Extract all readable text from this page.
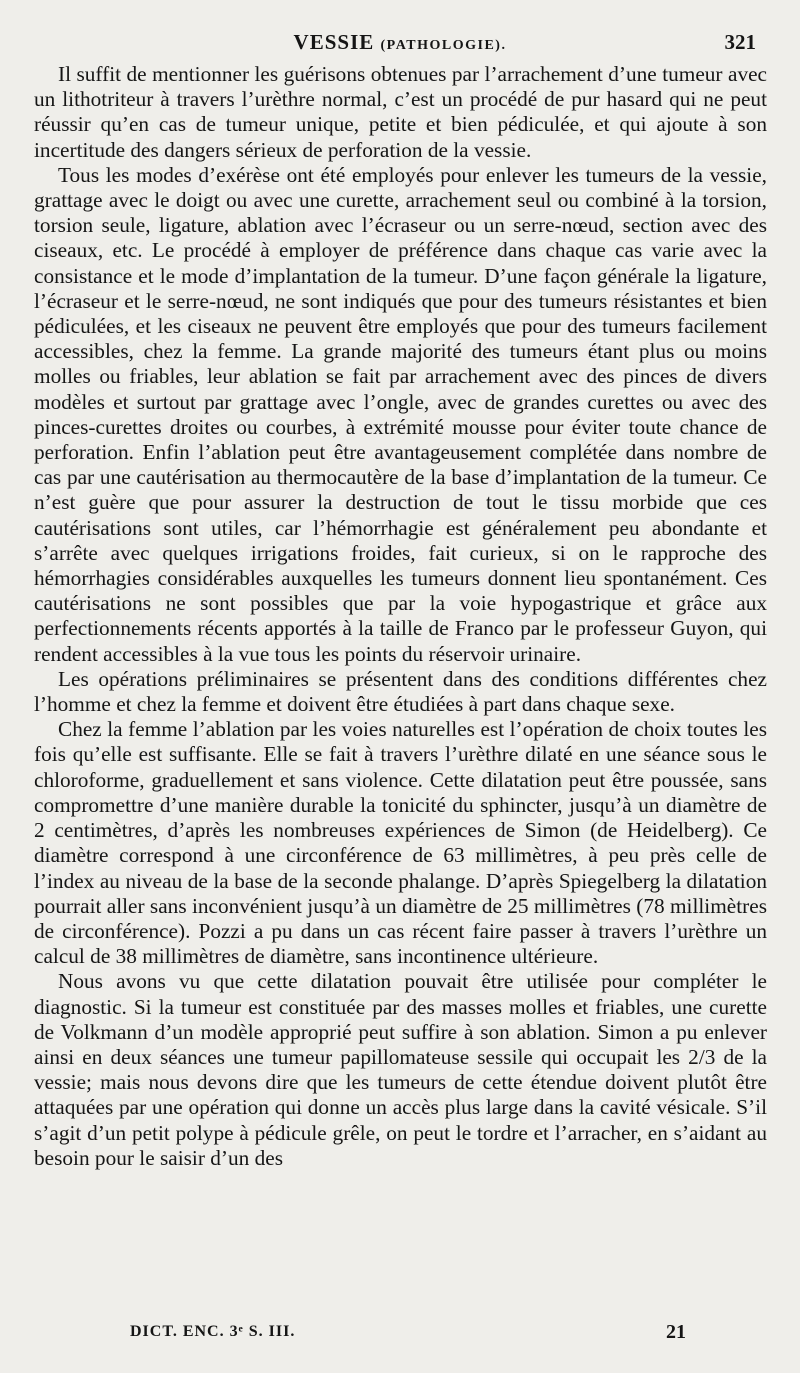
VESSIE (PATHOLOGIE).	321

Il suffit de mentionner les guérisons obtenues par l’arrachement d’une tumeur avec un lithotriteur à travers l’urèthre normal, c’est un procédé de pur hasard qui ne peut réussir qu’en cas de tumeur unique, petite et bien pédiculée, et qui ajoute à son incertitude des dangers sérieux de perforation de la vessie.

Tous les modes d’exérèse ont été employés pour enlever les tumeurs de la vessie, grattage avec le doigt ou avec une curette, arrachement seul ou combiné à la torsion, torsion seule, ligature, ablation avec l’écraseur ou un serre-nœud, section avec des ciseaux, etc. Le procédé à employer de préférence dans chaque cas varie avec la consistance et le mode d’implantation de la tumeur. D’une façon générale la ligature, l’écraseur et le serre-nœud, ne sont indiqués que pour des tumeurs résistantes et bien pédiculées, et les ciseaux ne peuvent être employés que pour des tumeurs facilement accessibles, chez la femme. La grande majorité des tumeurs étant plus ou moins molles ou friables, leur ablation se fait par arrachement avec des pinces de divers modèles et surtout par grattage avec l’ongle, avec de grandes curettes ou avec des pinces-curettes droites ou courbes, à extrémité mousse pour éviter toute chance de perforation. Enfin l’ablation peut être avantageusement complétée dans nombre de cas par une cautérisation au thermocautère de la base d’implantation de la tumeur. Ce n’est guère que pour assurer la destruction de tout le tissu morbide que ces cautérisations sont utiles, car l’hémorrhagie est généralement peu abondante et s’arrête avec quelques irrigations froides, fait curieux, si on le rapproche des hémorrhagies considérables auxquelles les tumeurs donnent lieu spontanément. Ces cautérisations ne sont possibles que par la voie hypogastrique et grâce aux perfectionnements récents apportés à la taille de Franco par le professeur Guyon, qui rendent accessibles à la vue tous les points du réservoir urinaire.

Les opérations préliminaires se présentent dans des conditions différentes chez l’homme et chez la femme et doivent être étudiées à part dans chaque sexe.

Chez la femme l’ablation par les voies naturelles est l’opération de choix toutes les fois qu’elle est suffisante. Elle se fait à travers l’urèthre dilaté en une séance sous le chloroforme, graduellement et sans violence. Cette dilatation peut être poussée, sans compromettre d’une manière durable la tonicité du sphincter, jusqu’à un diamètre de 2 centimètres, d’après les nombreuses expériences de Simon (de Heidelberg). Ce diamètre correspond à une circonférence de 63 millimètres, à peu près celle de l’index au niveau de la base de la seconde phalange. D’après Spiegelberg la dilatation pourrait aller sans inconvénient jusqu’à un diamètre de 25 millimètres (78 millimètres de circonférence). Pozzi a pu dans un cas récent faire passer à travers l’urèthre un calcul de 38 millimètres de diamètre, sans incontinence ultérieure.

Nous avons vu que cette dilatation pouvait être utilisée pour compléter le diagnostic. Si la tumeur est constituée par des masses molles et friables, une curette de Volkmann d’un modèle approprié peut suffire à son ablation. Simon a pu enlever ainsi en deux séances une tumeur papillomateuse sessile qui occupait les 2/3 de la vessie; mais nous devons dire que les tumeurs de cette étendue doivent plutôt être attaquées par une opération qui donne un accès plus large dans la cavité vésicale. S’il s’agit d’un petit polype à pédicule grêle, on peut le tordre et l’arracher, en s’aidant au besoin pour le saisir d’un des

DICT. ENC. 3ᵉ S. III.	21
